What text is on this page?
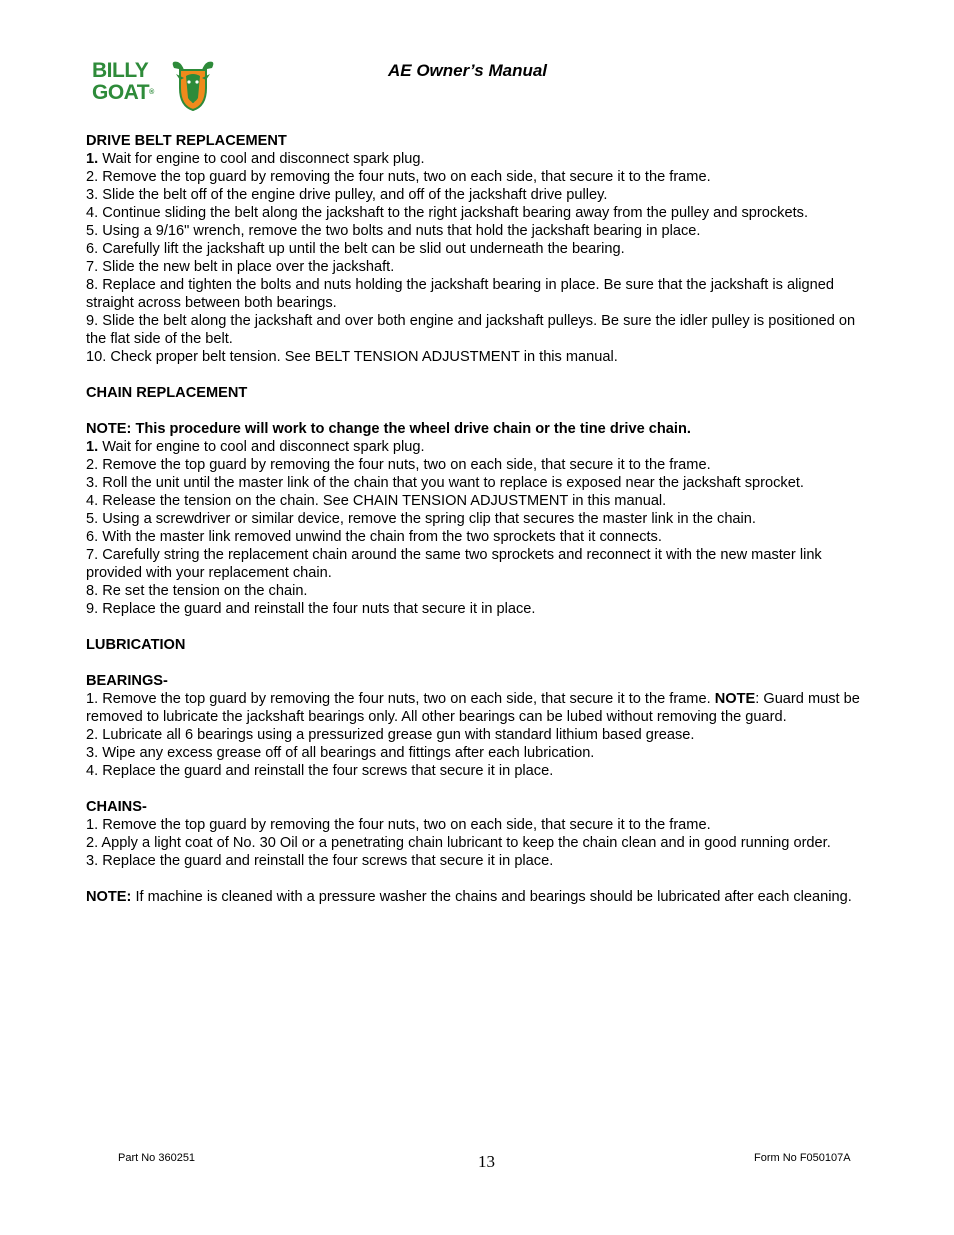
BILLY
GOAT®
AE Owner’s Manual

DRIVE BELT REPLACEMENT

1. Wait for engine to cool and disconnect spark plug.

2. Remove the top guard by removing the four nuts, two on each side, that secure it to the frame.

3. Slide the belt off of the engine drive pulley, and off of the jackshaft drive pulley.

4. Continue sliding the belt along the jackshaft to the right jackshaft bearing away from the pulley and sprockets.

5. Using a 9/16" wrench, remove the two bolts and nuts that hold the jackshaft bearing in place.

6. Carefully lift the jackshaft up until the belt can be slid out underneath the bearing.

7. Slide the new belt in place over the jackshaft.

8. Replace and tighten the bolts and nuts holding the jackshaft bearing in place. Be sure that the jackshaft is aligned straight across between both bearings.

9. Slide the belt along the jackshaft and over both engine and jackshaft pulleys. Be sure the idler pulley is positioned on the flat side of the belt.

10. Check proper belt tension. See BELT TENSION ADJUSTMENT in this manual.

CHAIN REPLACEMENT

NOTE: This procedure will work to change the wheel drive chain or the tine drive chain.

1. Wait for engine to cool and disconnect spark plug.

2. Remove the top guard by removing the four nuts, two on each side, that secure it to the frame.

3. Roll the unit until the master link of the chain that you want to replace is exposed near the jackshaft sprocket.

4. Release the tension on the chain. See CHAIN TENSION ADJUSTMENT in this manual.

5. Using a screwdriver or similar device, remove the spring clip that secures the master link in the chain.

6. With the master link removed unwind the chain from the two sprockets that it connects.

7. Carefully string the replacement chain around the same two sprockets and reconnect it with the new master link provided with your replacement chain.

8. Re set the tension on the chain.

9. Replace the guard and reinstall the four nuts that secure it in place.

LUBRICATION

BEARINGS-

1. Remove the top guard by removing the four nuts, two on each side, that secure it to the frame. NOTE: Guard must be removed to lubricate the jackshaft bearings only. All other bearings can be lubed without removing the guard.

2. Lubricate all 6 bearings using a pressurized grease gun with standard lithium based grease.

3. Wipe any excess grease off of all bearings and fittings after each lubrication.

4. Replace the guard and reinstall the four screws that secure it in place.

CHAINS-

1. Remove the top guard by removing the four nuts, two on each side, that secure it to the frame.

2. Apply a light coat of No. 30 Oil or a penetrating chain lubricant to keep the chain clean and in good running order.

3. Replace the guard and reinstall the four screws that secure it in place.

NOTE: If machine is cleaned with a pressure washer the chains and bearings should be lubricated after each cleaning.

Part No 360251	13	Form No F050107A
